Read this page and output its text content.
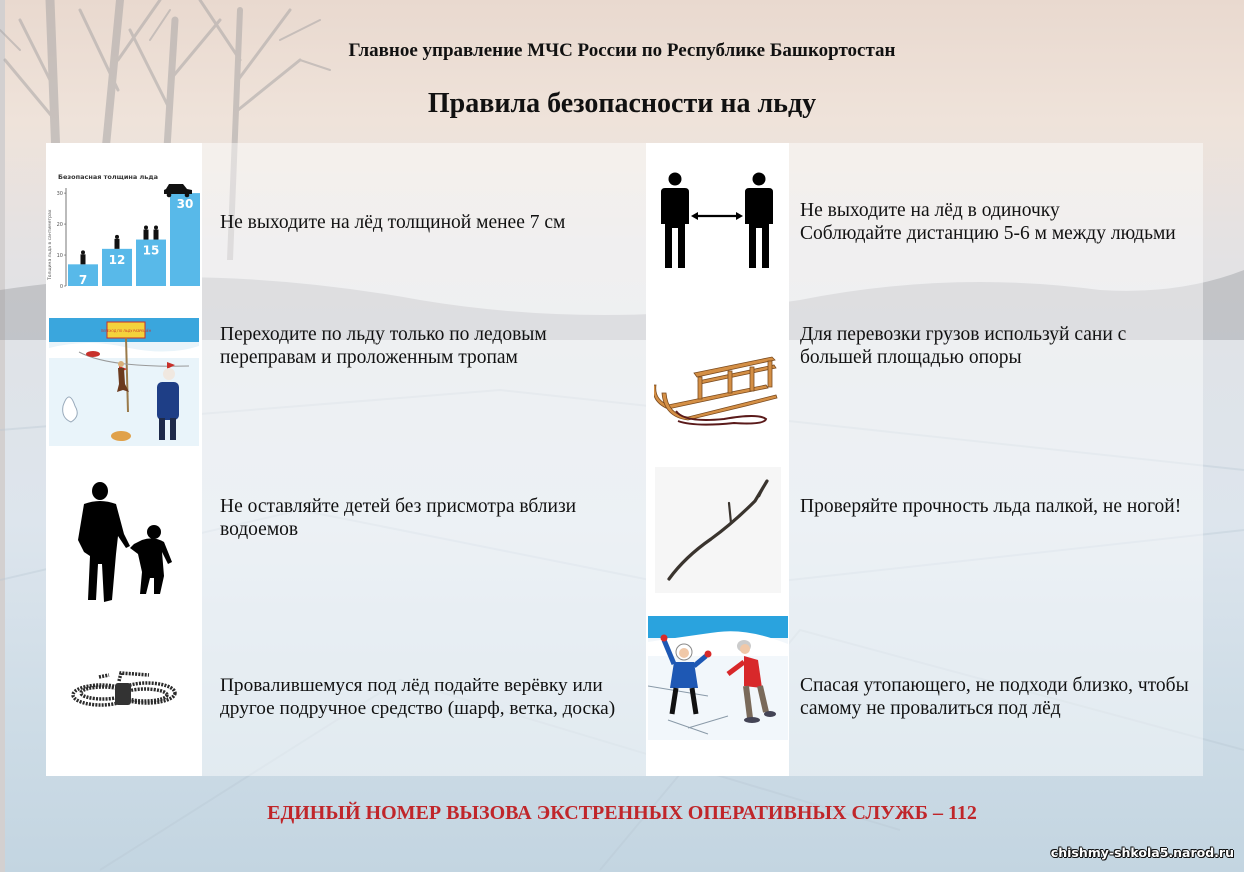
Главное управление МЧС России по Республике Башкортостан
Правила безопасности на льду
Безопасная толщина льда
Толщина льда в сантиметрах
0
10
20
30
7
12
15
30
Не выходите на лёд толщиной менее 7 см
Не выходите на лёд в одиночку
Соблюдайте дистанцию 5-6 м между людьми
ПЕРЕХОД ПО ЛЬДУ РАЗРЕШЁН	Переходите по льду только по ледовым переправам и проложенным тропам
Для перевозки грузов используй сани с большей площадью опоры
Не оставляйте детей без присмотра вблизи водоемов
Проверяйте прочность льда палкой, не ногой!
Провалившемуся под лёд подайте верёвку или другое подручное средство (шарф, ветка, доска)
Спасая утопающего, не подходи близко, чтобы самому не провалиться под лёд
ЕДИНЫЙ НОМЕР ВЫЗОВА ЭКСТРЕННЫХ ОПЕРАТИВНЫХ СЛУЖБ – 112
chishmy-shkola5.narod.ru
